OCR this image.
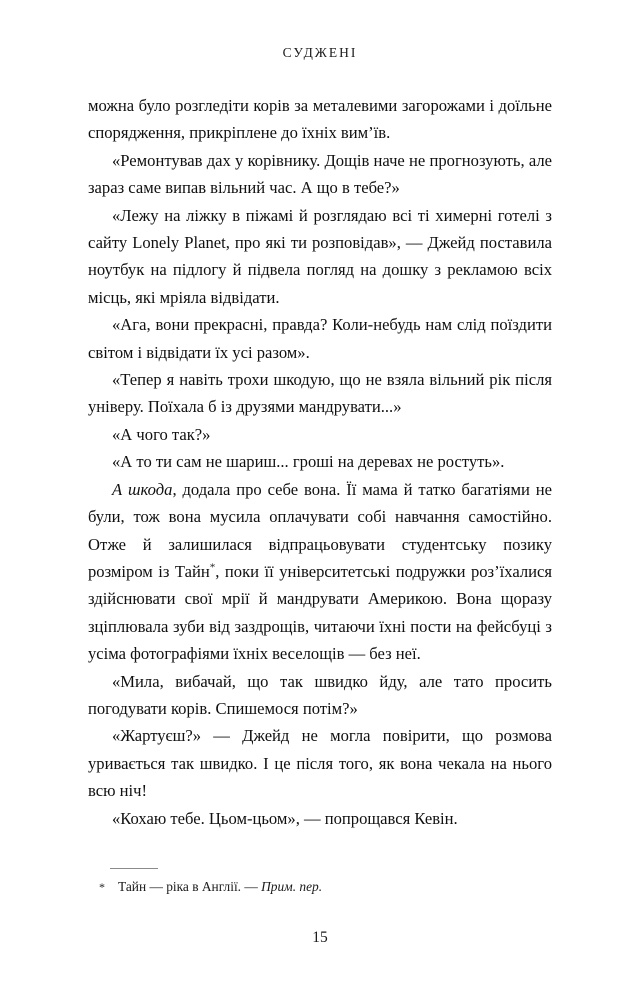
СУДЖЕНІ

можна було розгледіти корів за металевими загорожами і доїльне спорядження, прикріплене до їхніх вим’їв.

«Ремонтував дах у корівнику. Дощів наче не прогнозують, але зараз саме випав вільний час. А що в тебе?»

«Лежу на ліжку в піжамі й розглядаю всі ті химерні готелі з сайту Lonely Planet, про які ти розповідав», — Джейд поставила ноутбук на підлогу й підвела погляд на дошку з рекламою всіх місць, які мріяла відвідати.

«Ага, вони прекрасні, правда? Коли-небудь нам слід поїздити світом і відвідати їх усі разом».

«Тепер я навіть трохи шкодую, що не взяла вільний рік після універу. Поїхала б із друзями мандрувати...»

«А чого так?»

«А то ти сам не шариш... гроші на деревах не ростуть».

А шкода, додала про себе вона. Її мама й татко багатіями не були, тож вона мусила оплачувати собі навчання самостійно. Отже й залишилася відпрацьовувати студентську позику розміром із Тайн*, поки її університетські подружки роз’їхалися здійснювати свої мрії й мандрувати Америкою. Вона щоразу зціплювала зуби від заздрощів, читаючи їхні пости на фейсбуці з усіма фотографіями їхніх веселощів — без неї.

«Мила, вибачай, що так швидко йду, але тато просить погодувати корів. Спишемося потім?»

«Жартуєш?» — Джейд не могла повірити, що розмова уривається так швидко. І це після того, як вона чекала на нього всю ніч!

«Кохаю тебе. Цьом-цьом», — попрощався Кевін.

* Тайн — ріка в Англії. — Прим. пер.
15
